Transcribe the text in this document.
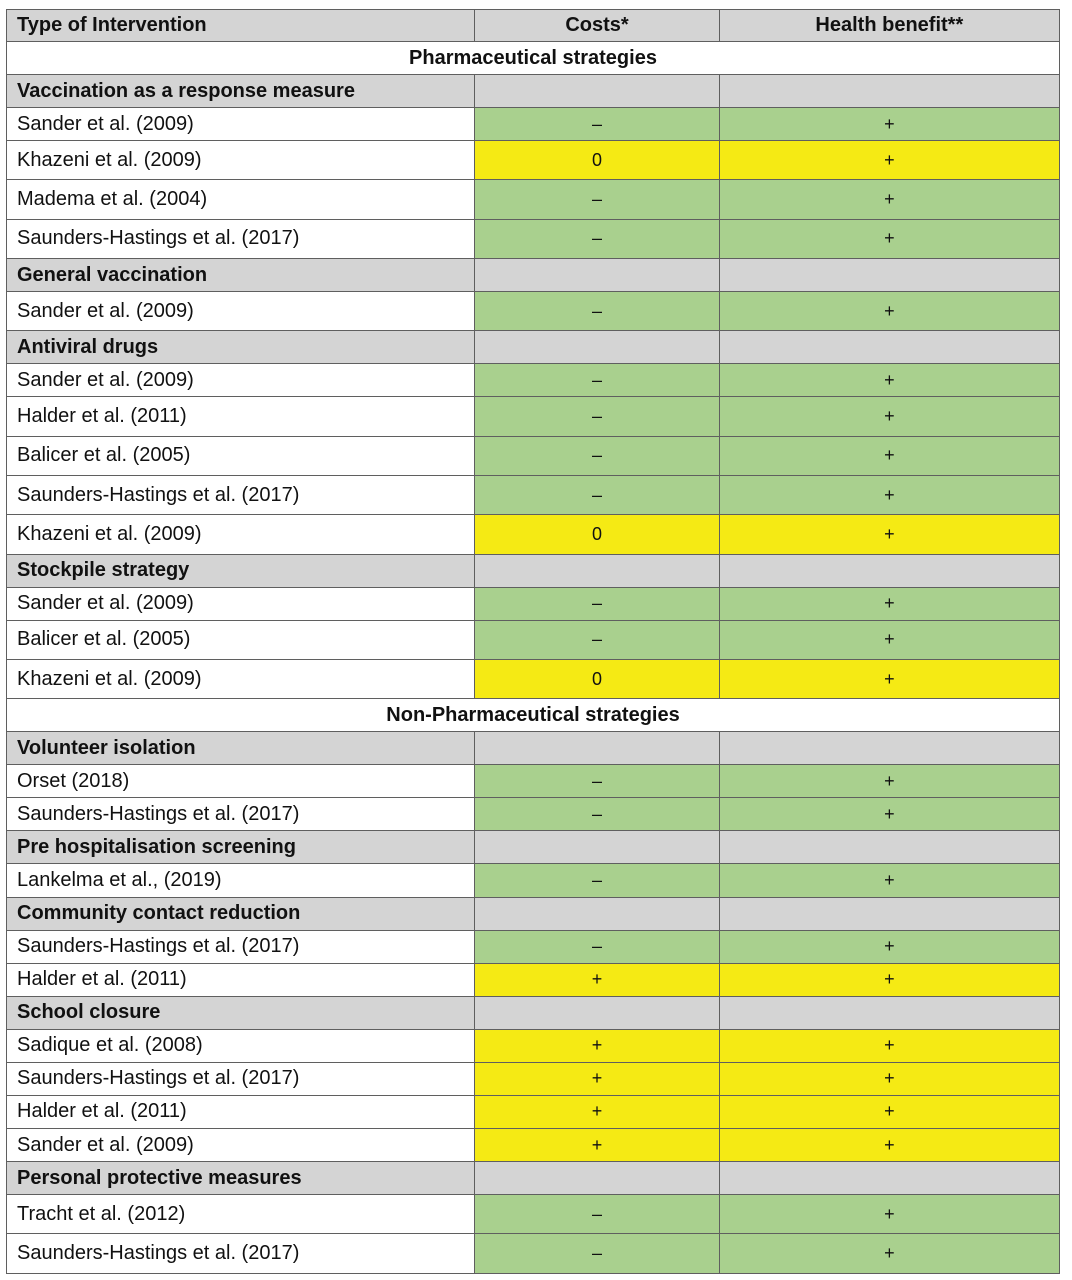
Type of Intervention	Costs*	Health benefit**
Pharmaceutical strategies		
Vaccination as a response measure		
Sander et al. (2009)	–	+
Khazeni et al. (2009)	0	+
Madema et al. (2004)	–	+
Saunders-Hastings et al. (2017)	–	+
General vaccination		
Sander et al. (2009)	–	+
Antiviral drugs		
Sander et al. (2009)	–	+
Halder et al. (2011)	–	+
Balicer et al. (2005)	–	+
Saunders-Hastings et al. (2017)	–	+
Khazeni et al. (2009)	0	+
Stockpile strategy		
Sander et al. (2009)	–	+
Balicer et al. (2005)	–	+
Khazeni et al. (2009)	0	+
Non-Pharmaceutical strategies		
Volunteer isolation		
Orset (2018)	–	+
Saunders-Hastings et al. (2017)	–	+
Pre hospitalisation screening		
Lankelma et al., (2019)	–	+
Community contact reduction		
Saunders-Hastings et al. (2017)	–	+
Halder et al. (2011)	+	+
School closure		
Sadique et al. (2008)	+	+
Saunders-Hastings et al. (2017)	+	+
Halder et al. (2011)	+	+
Sander et al. (2009)	+	+
Personal protective measures		
Tracht et al. (2012)	–	+
Saunders-Hastings et al. (2017)	–	+
